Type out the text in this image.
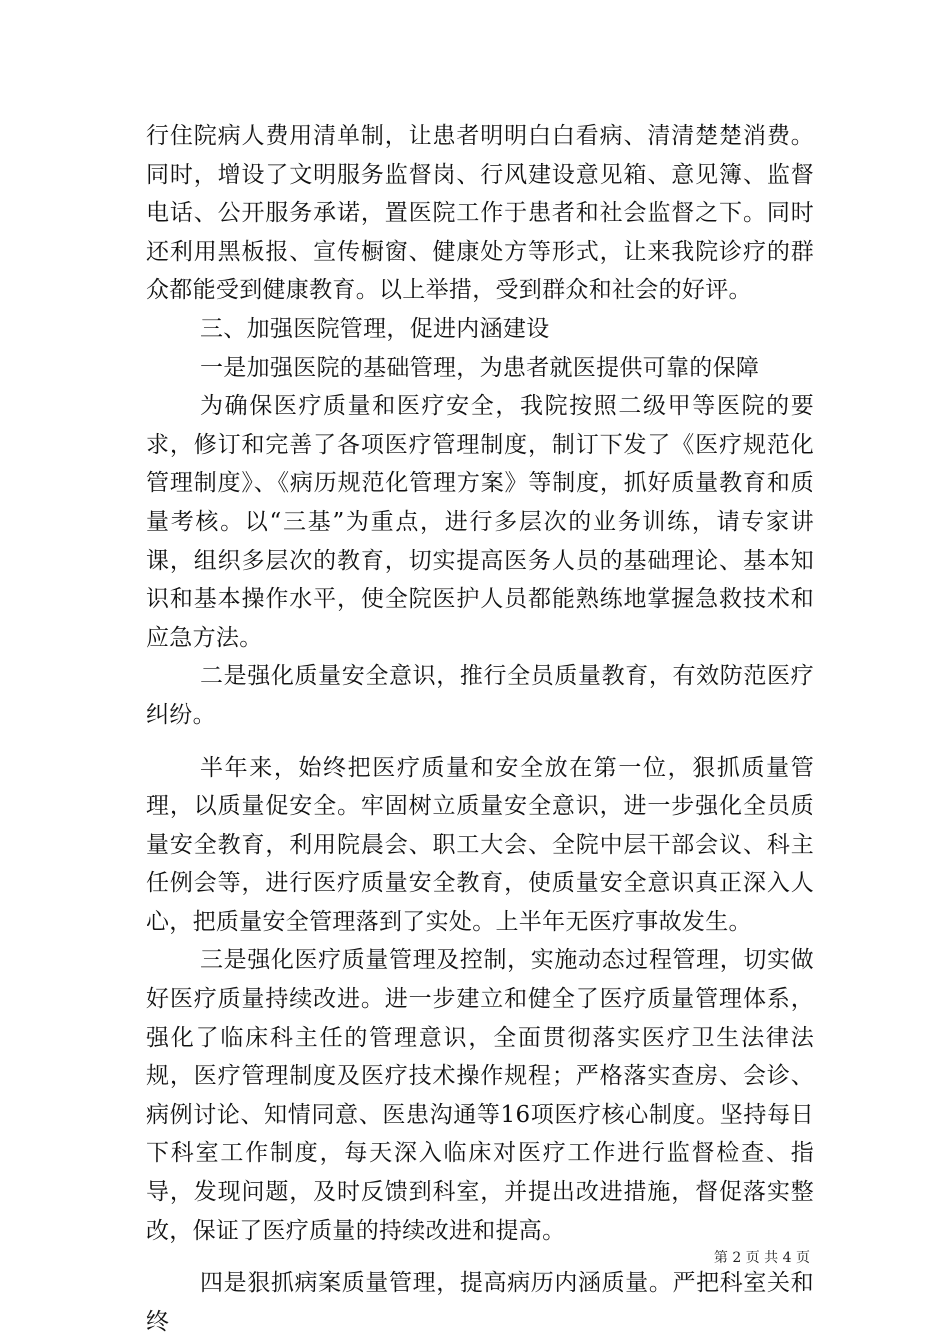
行住院病人费用清单制，让患者明明白白看病、清清楚楚消费。同时，增设了文明服务监督岗、行风建设意见箱、意见簿、监督电话、公开服务承诺，置医院工作于患者和社会监督之下。同时还利用黑板报、宣传橱窗、健康处方等形式，让来我院诊疗的群众都能受到健康教育。以上举措，受到群众和社会的好评。

三、加强医院管理，促进内涵建设

一是加强医院的基础管理，为患者就医提供可靠的保障

为确保医疗质量和医疗安全，我院按照二级甲等医院的要求，修订和完善了各项医疗管理制度，制订下发了《医疗规范化管理制度》、《病历规范化管理方案》等制度，抓好质量教育和质量考核。以“三基”为重点，进行多层次的业务训练，请专家讲课，组织多层次的教育，切实提高医务人员的基础理论、基本知识和基本操作水平，使全院医护人员都能熟练地掌握急救技术和应急方法。

二是强化质量安全意识，推行全员质量教育，有效防范医疗纠纷。

半年来，始终把医疗质量和安全放在第一位，狠抓质量管理，以质量促安全。牢固树立质量安全意识，进一步强化全员质量安全教育，利用院晨会、职工大会、全院中层干部会议、科主任例会等，进行医疗质量安全教育，使质量安全意识真正深入人心，把质量安全管理落到了实处。上半年无医疗事故发生。

三是强化医疗质量管理及控制，实施动态过程管理，切实做好医疗质量持续改进。进一步建立和健全了医疗质量管理体系，强化了临床科主任的管理意识，全面贯彻落实医疗卫生法律法规，医疗管理制度及医疗技术操作规程；严格落实查房、会诊、病例讨论、知情同意、医患沟通等16项医疗核心制度。坚持每日下科室工作制度，每天深入临床对医疗工作进行监督检查、指导，发现问题，及时反馈到科室，并提出改进措施，督促落实整改，保证了医疗质量的持续改进和提高。

四是狠抓病案质量管理，提高病历内涵质量。严把科室关和终

第 2 页 共 4 页
